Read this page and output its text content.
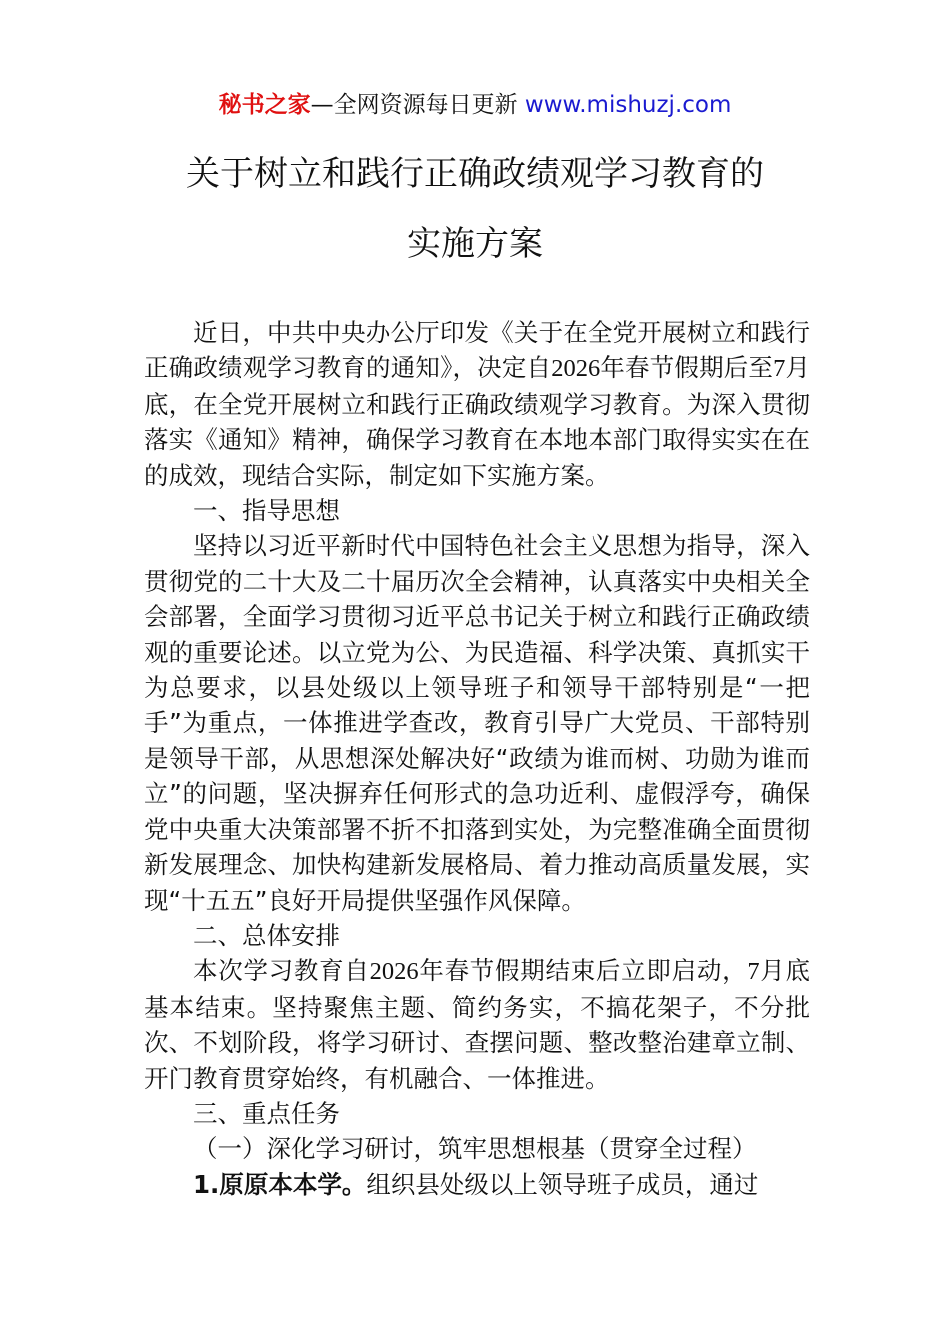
秘书之家—全网资源每日更新 www.mishuzj.com
关于树立和践行正确政绩观学习教育的
实施方案

近日，中共中央办公厅印发《关于在全党开展树立和践行正确政绩观学习教育的通知》，决定自2026年春节假期后至7月底，在全党开展树立和践行正确政绩观学习教育。为深入贯彻落实《通知》精神，确保学习教育在本地本部门取得实实在在的成效，现结合实际，制定如下实施方案。

一、指导思想

坚持以习近平新时代中国特色社会主义思想为指导，深入贯彻党的二十大及二十届历次全会精神，认真落实中央相关全会部署，全面学习贯彻习近平总书记关于树立和践行正确政绩观的重要论述。以立党为公、为民造福、科学决策、真抓实干为总要求，以县处级以上领导班子和领导干部特别是“一把手”为重点，一体推进学查改，教育引导广大党员、干部特别是领导干部，从思想深处解决好“政绩为谁而树、功勋为谁而立”的问题，坚决摒弃任何形式的急功近利、虚假浮夸，确保党中央重大决策部署不折不扣落到实处，为完整准确全面贯彻新发展理念、加快构建新发展格局、着力推动高质量发展，实现“十五五”良好开局提供坚强作风保障。

二、总体安排

本次学习教育自2026年春节假期结束后立即启动，7月底基本结束。坚持聚焦主题、简约务实，不搞花架子，不分批次、不划阶段，将学习研讨、查摆问题、整改整治建章立制、开门教育贯穿始终，有机融合、一体推进。

三、重点任务

（一）深化学习研讨，筑牢思想根基（贯穿全过程）

1.原原本本学。组织县处级以上领导班子成员，通过
